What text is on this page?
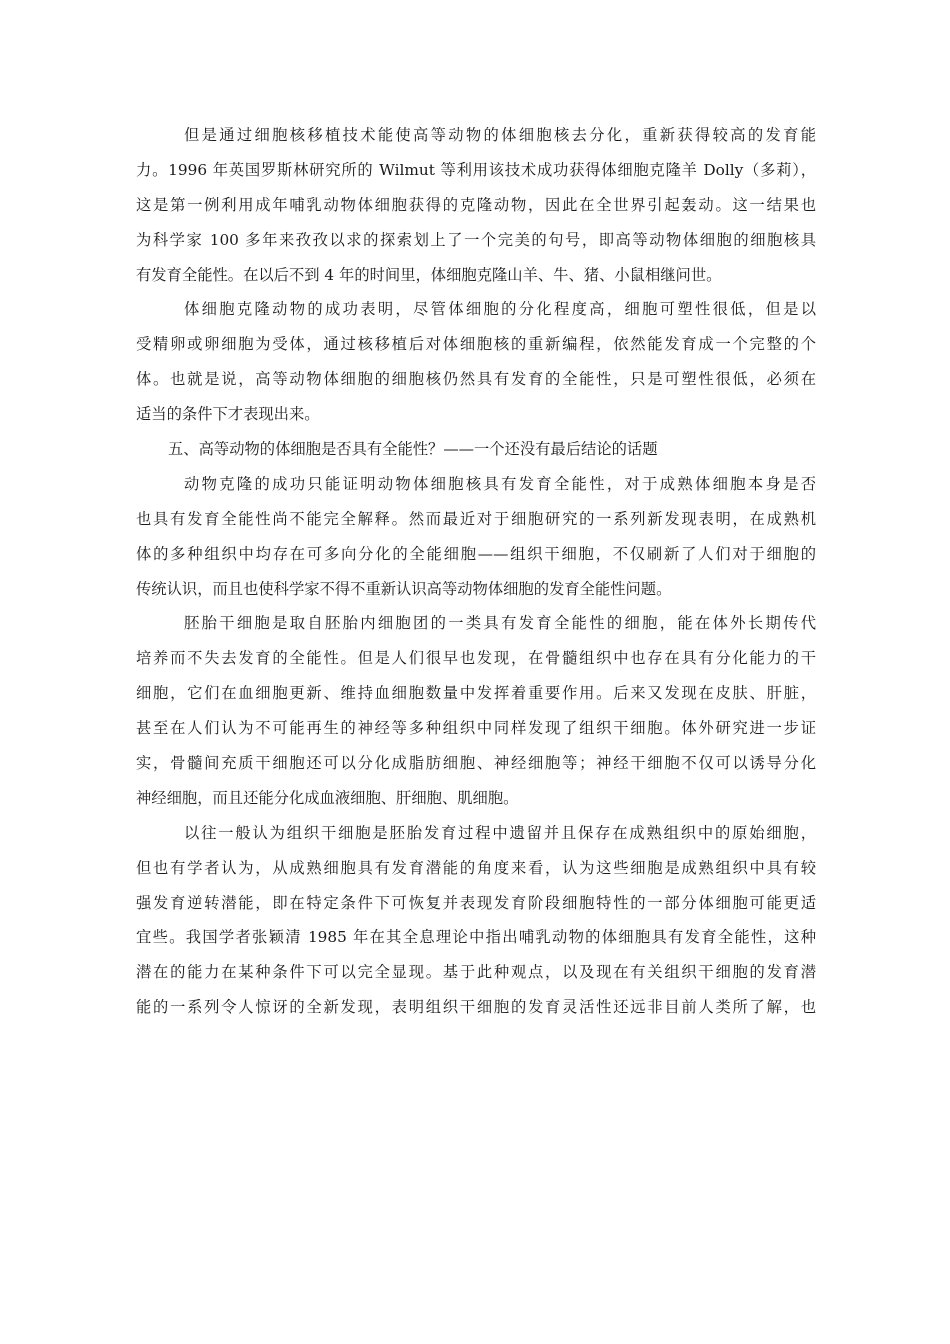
但是通过细胞核移植技术能使高等动物的体细胞核去分化，重新获得较高的发育能
力。1996 年英国罗斯林研究所的 Wilmut 等利用该技术成功获得体细胞克隆羊 Dolly（多莉），
这是第一例利用成年哺乳动物体细胞获得的克隆动物，因此在全世界引起轰动。这一结果也
为科学家 100 多年来孜孜以求的探索划上了一个完美的句号，即高等动物体细胞的细胞核具
有发育全能性。在以后不到 4 年的时间里，体细胞克隆山羊、牛、猪、小鼠相继问世。
体细胞克隆动物的成功表明，尽管体细胞的分化程度高，细胞可塑性很低，但是以
受精卵或卵细胞为受体，通过核移植后对体细胞核的重新编程，依然能发育成一个完整的个
体。也就是说，高等动物体细胞的细胞核仍然具有发育的全能性，只是可塑性很低，必须在
适当的条件下才表现出来。
五、高等动物的体细胞是否具有全能性？——一个还没有最后结论的话题
动物克隆的成功只能证明动物体细胞核具有发育全能性，对于成熟体细胞本身是否
也具有发育全能性尚不能完全解释。然而最近对于细胞研究的一系列新发现表明，在成熟机
体的多种组织中均存在可多向分化的全能细胞——组织干细胞，不仅刷新了人们对于细胞的
传统认识，而且也使科学家不得不重新认识高等动物体细胞的发育全能性问题。
胚胎干细胞是取自胚胎内细胞团的一类具有发育全能性的细胞，能在体外长期传代
培养而不失去发育的全能性。但是人们很早也发现，在骨髓组织中也存在具有分化能力的干
细胞，它们在血细胞更新、维持血细胞数量中发挥着重要作用。后来又发现在皮肤、肝脏，
甚至在人们认为不可能再生的神经等多种组织中同样发现了组织干细胞。体外研究进一步证
实，骨髓间充质干细胞还可以分化成脂肪细胞、神经细胞等；神经干细胞不仅可以诱导分化
神经细胞，而且还能分化成血液细胞、肝细胞、肌细胞。
以往一般认为组织干细胞是胚胎发育过程中遗留并且保存在成熟组织中的原始细胞，
但也有学者认为，从成熟细胞具有发育潜能的角度来看，认为这些细胞是成熟组织中具有较
强发育逆转潜能，即在特定条件下可恢复并表现发育阶段细胞特性的一部分体细胞可能更适
宜些。我国学者张颖清 1985 年在其全息理论中指出哺乳动物的体细胞具有发育全能性，这种
潜在的能力在某种条件下可以完全显现。基于此种观点，以及现在有关组织干细胞的发育潜
能的一系列令人惊讶的全新发现，表明组织干细胞的发育灵活性还远非目前人类所了解，也
